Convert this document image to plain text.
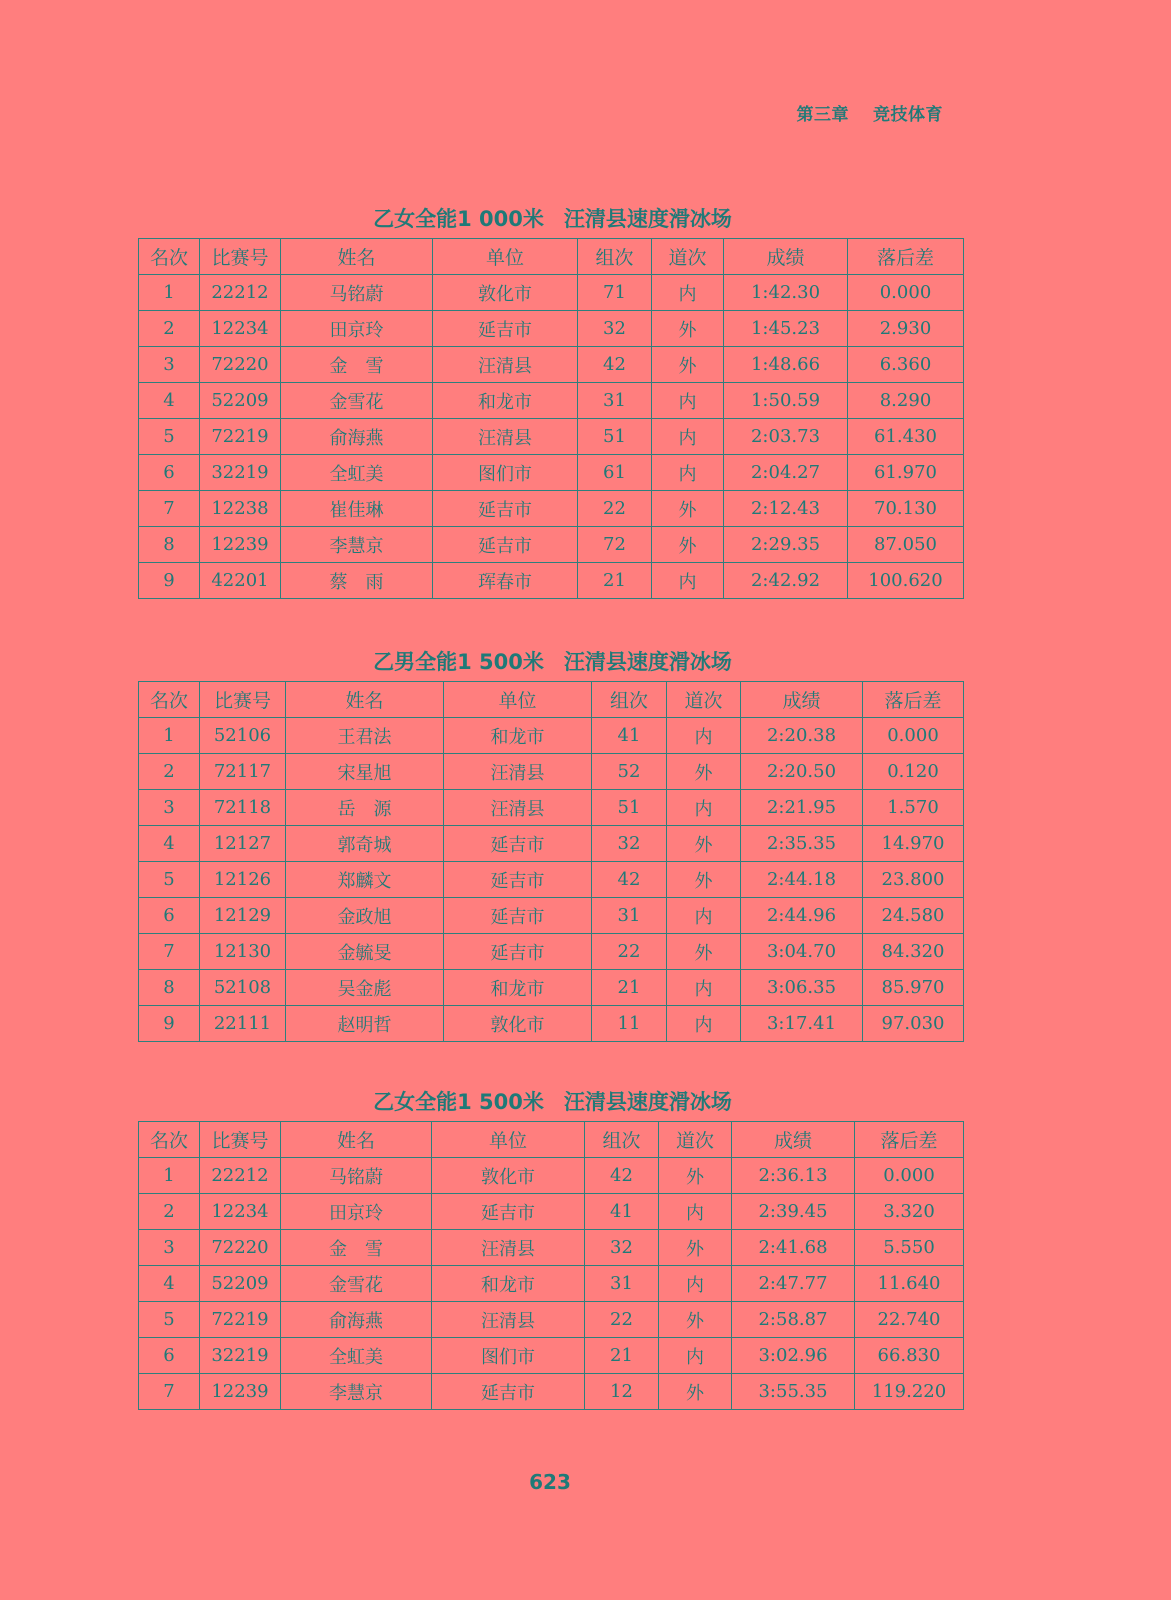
第三章 竞技体育
乙女全能1 000米 汪清县速度滑冰场
名次	比赛号	姓名	单位	组次	道次	成绩	落后差
1	22212	马铭蔚	敦化市	71	内	1:42.30	0.000
2	12234	田京玲	延吉市	32	外	1:45.23	2.930
3	72220	金　雪	汪清县	42	外	1:48.66	6.360
4	52209	金雪花	和龙市	31	内	1:50.59	8.290
5	72219	俞海燕	汪清县	51	内	2:03.73	61.430
6	32219	全虹美	图们市	61	内	2:04.27	61.970
7	12238	崔佳琳	延吉市	22	外	2:12.43	70.130
8	12239	李慧京	延吉市	72	外	2:29.35	87.050
9	42201	蔡　雨	珲春市	21	内	2:42.92	100.620
乙男全能1 500米 汪清县速度滑冰场
名次	比赛号	姓名	单位	组次	道次	成绩	落后差
1	52106	王君法	和龙市	41	内	2:20.38	0.000
2	72117	宋星旭	汪清县	52	外	2:20.50	0.120
3	72118	岳　源	汪清县	51	内	2:21.95	1.570
4	12127	郭奇城	延吉市	32	外	2:35.35	14.970
5	12126	郑麟文	延吉市	42	外	2:44.18	23.800
6	12129	金政旭	延吉市	31	内	2:44.96	24.580
7	12130	金毓旻	延吉市	22	外	3:04.70	84.320
8	52108	吴金彪	和龙市	21	内	3:06.35	85.970
9	22111	赵明哲	敦化市	11	内	3:17.41	97.030
乙女全能1 500米 汪清县速度滑冰场
名次	比赛号	姓名	单位	组次	道次	成绩	落后差
1	22212	马铭蔚	敦化市	42	外	2:36.13	0.000
2	12234	田京玲	延吉市	41	内	2:39.45	3.320
3	72220	金　雪	汪清县	32	外	2:41.68	5.550
4	52209	金雪花	和龙市	31	内	2:47.77	11.640
5	72219	俞海燕	汪清县	22	外	2:58.87	22.740
6	32219	全虹美	图们市	21	内	3:02.96	66.830
7	12239	李慧京	延吉市	12	外	3:55.35	119.220
623
